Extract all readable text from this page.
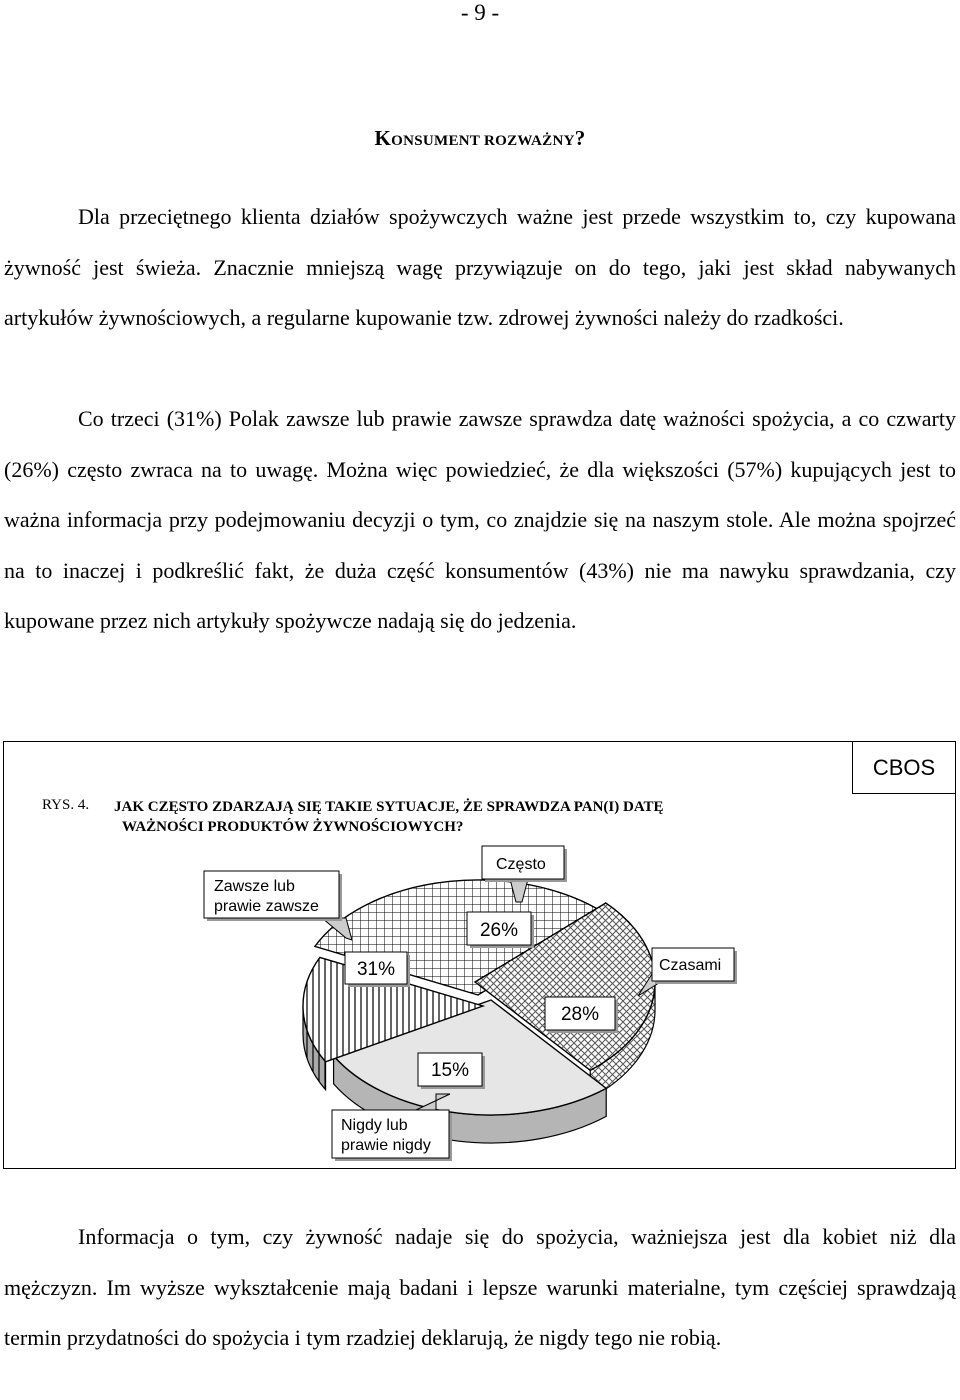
- 9 -
KONSUMENT ROZWAŻNY?

Dla przeciętnego klienta działów spożywczych ważne jest przede wszystkim to, czy kupowana żywność jest świeża. Znacznie mniejszą wagę przywiązuje on do tego, jaki jest skład nabywanych artykułów żywnościowych, a regularne kupowanie tzw. zdrowej żywności należy do rzadkości.

Co trzeci (31%) Polak zawsze lub prawie zawsze sprawdza datę ważności spożycia, a co czwarty (26%) często zwraca na to uwagę. Można więc powiedzieć, że dla większości (57%) kupujących jest to ważna informacja przy podejmowaniu decyzji o tym, co znajdzie się na naszym stole. Ale można spojrzeć na to inaczej i podkreślić fakt, że duża część konsumentów (43%) nie ma nawyku sprawdzania, czy kupowane przez nich artykuły spożywcze nadają się do jedzenia.

CBOS
RYS. 4. JAK CZĘSTO ZDARZAJĄ SIĘ TAKIE SYTUACJE, ŻE SPRAWDZA PAN(I) DATĘ
WAŻNOŚCI PRODUKTÓW ŻYWNOŚCIOWYCH?
Zawsze lub
prawie zawsze
31%
Często
26%
Czasami
28%
Nigdy lub
prawie nigdy
15%

Informacja o tym, czy żywność nadaje się do spożycia, ważniejsza jest dla kobiet niż dla mężczyzn. Im wyższe wykształcenie mają badani i lepsze warunki materialne, tym częściej sprawdzają termin przydatności do spożycia i tym rzadziej deklarują, że nigdy tego nie robią.
